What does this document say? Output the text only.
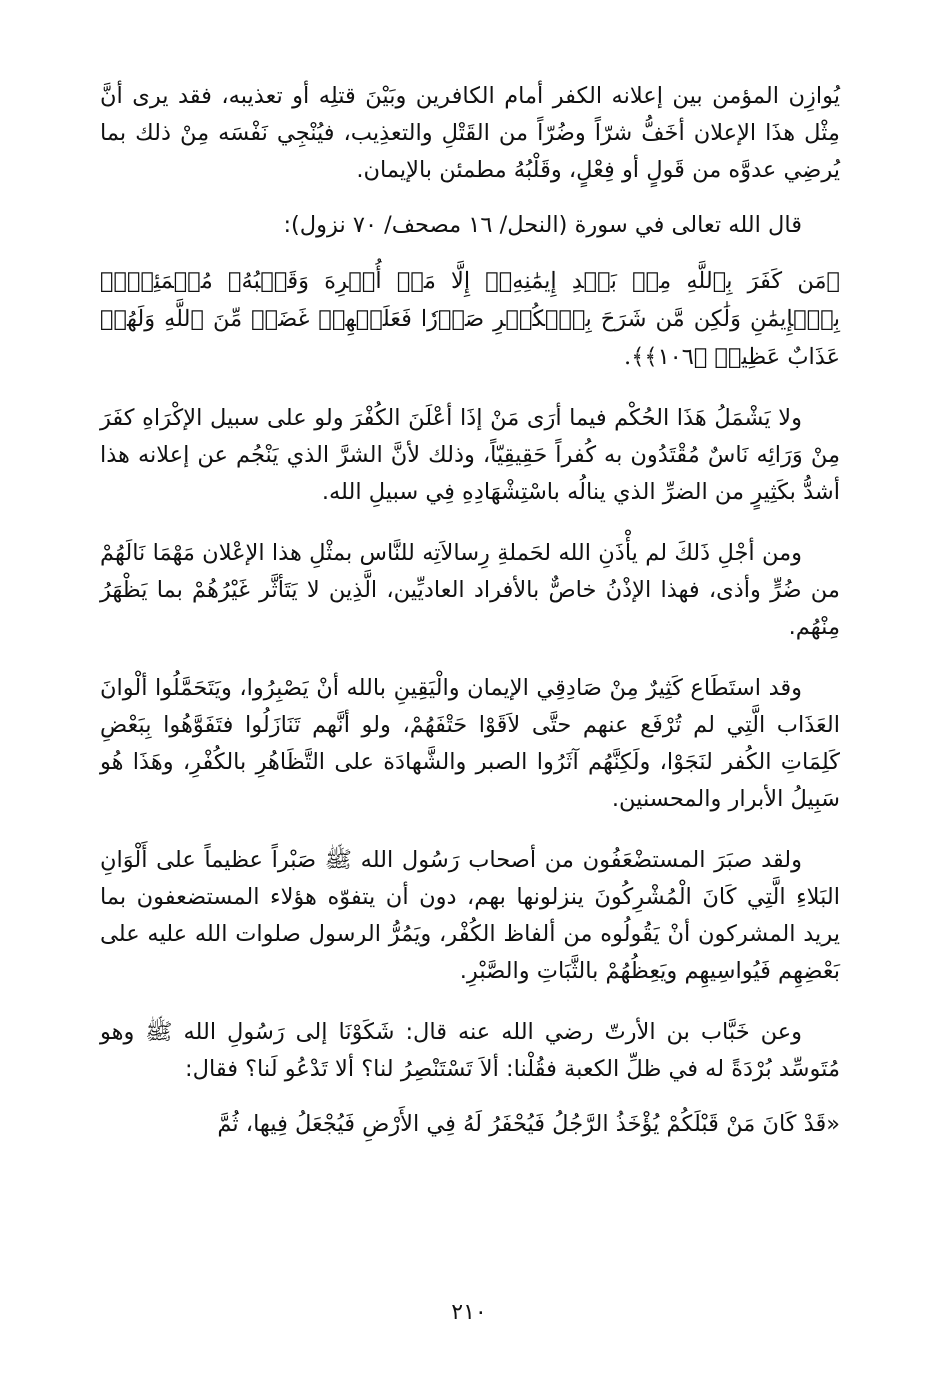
يُوازِن المؤمن بين إعلانه الكفر أمام الكافرين وبَيْنَ قتلِه أو تعذيبه، فقد يرى أنَّ مِثْل هذَا الإعلان أخَفُّ شرّاً وضُرّاً من القَتْلِ والتعذِيب، فيُنْجِي نَفْسَه مِنْ ذلك بما يُرضِي عدوَّه من قَولٍ أو فِعْلٍ، وقَلْبُهُ مطمئن بالإيمان.

قال الله تعالى في سورة (النحل/ ١٦ مصحف/ ٧٠ نزول):

﴿مَن كَفَرَ بِٱللَّهِ مِنۢ بَعۡدِ إِيمَٰنِهِۦٓ إِلَّا مَنۡ أُكۡرِهَ وَقَلۡبُهُۥ مُطۡمَئِنُّۢ بِٱلۡإِيمَٰنِ وَلَٰكِن مَّن شَرَحَ بِٱلۡكُفۡرِ صَدۡرٗا فَعَلَيۡهِمۡ غَضَبٞ مِّنَ ٱللَّهِ وَلَهُمۡ عَذَابٌ عَظِيمٞ ﴿١٠٦﴾﴾.

ولا يَشْمَلُ هَذَا الحُكْم فيما أرَى مَنْ إذَا أعْلَنَ الكُفْرَ ولو على سبيل الإكْرَاهِ كفَرَ مِنْ وَرَائِه نَاسٌ مُقْتَدُون به كُفراً حَقِيقِيّاً، وذلك لأنَّ الشرَّ الذي يَنْجُم عن إعلانه هذا أشدُّ بكَثِيرٍ من الضرِّ الذي ينالُه باسْتِشْهَادِهِ فِي سبيلِ الله.

ومن أجْلِ ذَلكَ لم يأْذَنِ الله لحَملةِ رِسالاَتِه للنَّاس بمثْلِ هذا الإعْلان مَهْمَا نَالَهُمْ من ضُرٍّ وأذى، فهذا الإذْنُ خاصٌّ بالأفراد العاديِّين، الَّذِين لا يَتَأثَّر غَيْرُهُمْ بما يَظْهَرُ مِنْهُم.

وقد استَطَاع كَثِيرٌ مِنْ صَادِقِي الإيمان والْيَقِينِ بالله أنْ يَصْبِرُوا، ويَتَحَمَّلُوا ألْوانَ العَذَاب الَّتِي لم تُرْفَع عنهم حتَّى لاَقَوْا حَتْفَهُمْ، ولو أنَّهم تَنَازَلُوا فتَفَوَّهُوا بِبَعْضِ كَلِمَاتِ الكُفر لنَجَوْا، ولَكِنَّهُم آثَرُوا الصبر والشَّهادَة على التَّظَاهُرِ بالكُفْرِ، وهَذَا هُو سَبِيلُ الأبرار والمحسنين.

ولقد صبَرَ المستضْعَفُون من أصحاب رَسُول الله ﷺ صَبْراً عظيماً على أَلْوَانِ البَلاءِ الَّتِي كَانَ الْمُشْرِكُونَ ينزلونها بهم، دون أن يتفوّه هؤلاء المستضعفون بما يريد المشركون أنْ يَقُولُوه من ألفاظ الكُفْر، ويَمُرُّ الرسول صلوات الله عليه على بَعْضِهِم فَيُواسِيهِم ويَعِظُهُمْ بالثَّبَاتِ والصَّبْرِ.

وعن خَبَّاب بن الأرتّ رضي الله عنه قال: شَكَوْنَا إلى رَسُولِ الله ﷺ وهو مُتَوسِّد بُرْدَةً له في ظلِّ الكعبة فقُلْنا: ألاَ تَسْتَنْصِرُ لنا؟ ألا تَدْعُو لَنا؟ فقال:

«قَدْ كَانَ مَنْ قَبْلَكُمْ يُؤْخَذُ الرَّجُلُ فَيُحْفَرُ لَهُ فِي الأَرْضِ فَيُجْعَلُ فِيها، ثُمَّ

٢١٠
